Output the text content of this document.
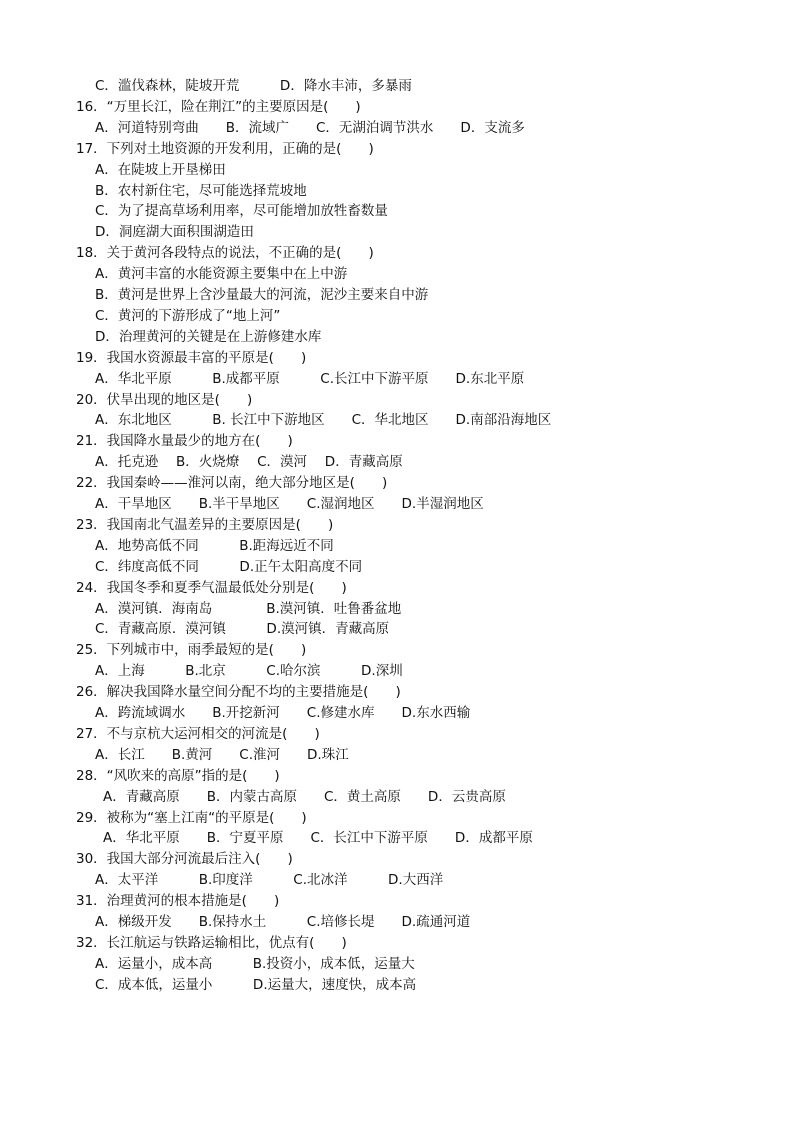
C．滥伐森林，陡坡开荒　　　D．降水丰沛，多暴雨
16．“万里长江，险在荆江”的主要原因是(　　)
A．河道特别弯曲　　B．流域广　　C．无湖泊调节洪水　　D．支流多
17．下列对土地资源的开发利用，正确的是(　　)
A．在陡坡上开垦梯田
B．农村新住宅，尽可能选择荒坡地
C．为了提高草场利用率，尽可能增加放牲畜数量
D．洞庭湖大面积围湖造田
18．关于黄河各段特点的说法，不正确的是(　　)
A．黄河丰富的水能资源主要集中在上中游
B．黄河是世界上含沙量最大的河流，泥沙主要来自中游
C．黄河的下游形成了“地上河”
D．治理黄河的关键是在上游修建水库
19．我国水资源最丰富的平原是(　　)
A．华北平原　　　B.成都平原　　　C.长江中下游平原　　D.东北平原
20．伏旱出现的地区是(　　)
A．东北地区　　　B. 长江中下游地区　　C．华北地区　　D.南部沿海地区
21．我国降水量最少的地方在(　　)
A．托克逊　 B．火烧燎　 C．漠河　 D．青藏高原
22．我国秦岭——淮河以南，绝大部分地区是(　　)
A．干旱地区　　B.半干旱地区　　C.湿润地区　　D.半湿润地区
23．我国南北气温差异的主要原因是(　　)
A．地势高低不同　　　B.距海远近不同
C．纬度高低不同　　　D.正午太阳高度不同
24．我国冬季和夏季气温最低处分别是(　　)
A．漠河镇．海南岛　　　　B.漠河镇．吐鲁番盆地
C．青藏高原．漠河镇　　　D.漠河镇．青藏高原
25．下列城市中，雨季最短的是(　　)
A．上海　　　B.北京　　　C.哈尔滨　　　D.深圳
26．解决我国降水量空间分配不均的主要措施是(　　)
A．跨流域调水　　B.开挖新河　　C.修建水库　　D.东水西输
27．不与京杭大运河相交的河流是(　　)
A．长江　　B.黄河　　C.淮河　　D.珠江
28．“风吹来的高原”指的是(　　)
A．青藏高原　　B．内蒙古高原　　C．黄土高原　　D．云贵高原
29．被称为“塞上江南“的平原是(　　)
A．华北平原　　B．宁夏平原　　C．长江中下游平原　　D．成都平原
30．我国大部分河流最后注入(　　)
A．太平洋　　　B.印度洋　　　C.北冰洋　　　D.大西洋
31．治理黄河的根本措施是(　　)
A．梯级开发　　B.保持水土　　　C.培修长堤　　D.疏通河道
32．长江航运与铁路运输相比，优点有(　　)
A．运量小，成本高　　　B.投资小，成本低，运量大
C．成本低，运量小　　　D.运量大，速度快，成本高
